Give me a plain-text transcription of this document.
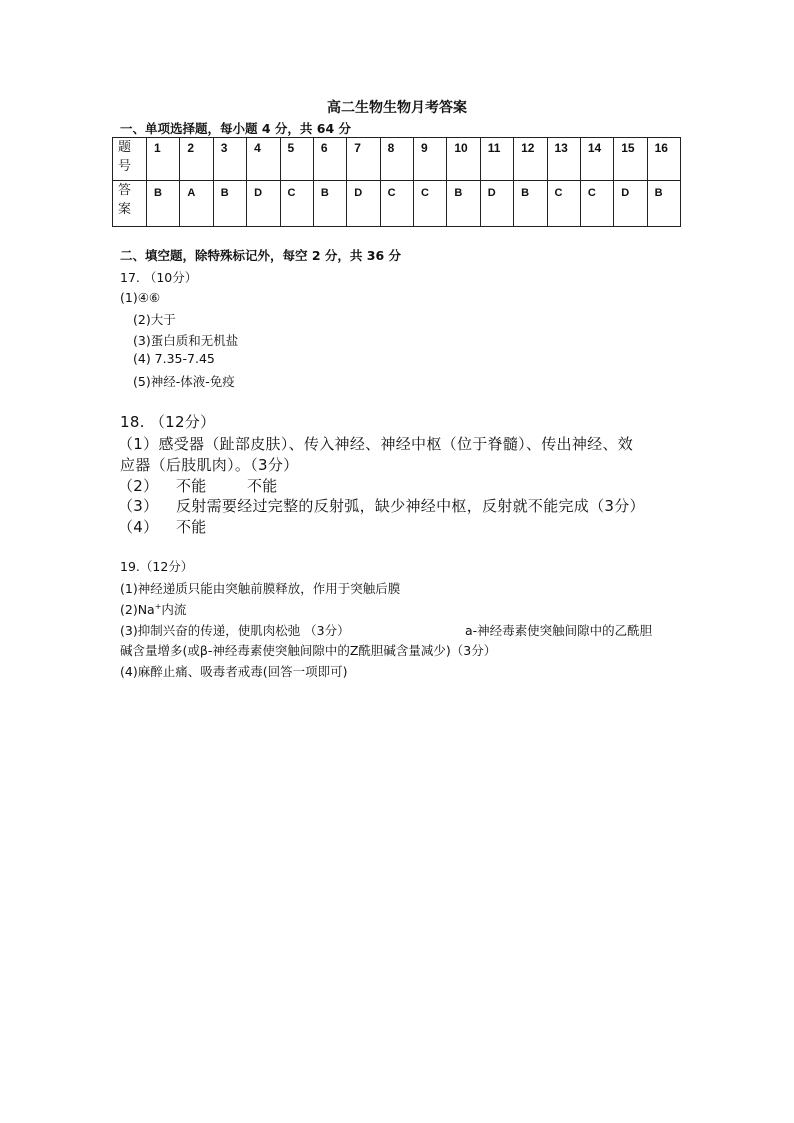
高二生物生物月考答案
一、单项选择题，每小题 4 分，共 64 分
题
号	1	2	3	4	5	6	7	8	9	10	11	12	13	14	15	16
答
案	B	A	B	D	C	B	D	C	C	B	D	B	C	C	D	B
二、填空题，除特殊标记外，每空 2 分，共 36 分
17. （10分）
(1)④⑥
(2)大于
(3)蛋白质和无机盐
(4) 7.35-7.45
(5)神经-体液-免疫
18. （12分）
（1）感受器（趾部皮肤）、传入神经、神经中枢（位于脊髓）、传出神经、效
应器（后肢肌肉）。（3分）
（2） 不能	不能
（3） 反射需要经过完整的反射弧，缺少神经中枢，反射就不能完成（3分）
（4） 不能
19.（12分）
(1)神经递质只能由突触前膜释放，作用于突触后膜
(2)Na+内流
(3)抑制兴奋的传递，使肌肉松弛 （3分）	a-神经毒素使突触间隙中的乙酰胆
碱含量增多(或β-神经毒素使突触间隙中的Z酰胆碱含量减少)（3分）
(4)麻醉止痛、吸毒者戒毒(回答一项即可)
